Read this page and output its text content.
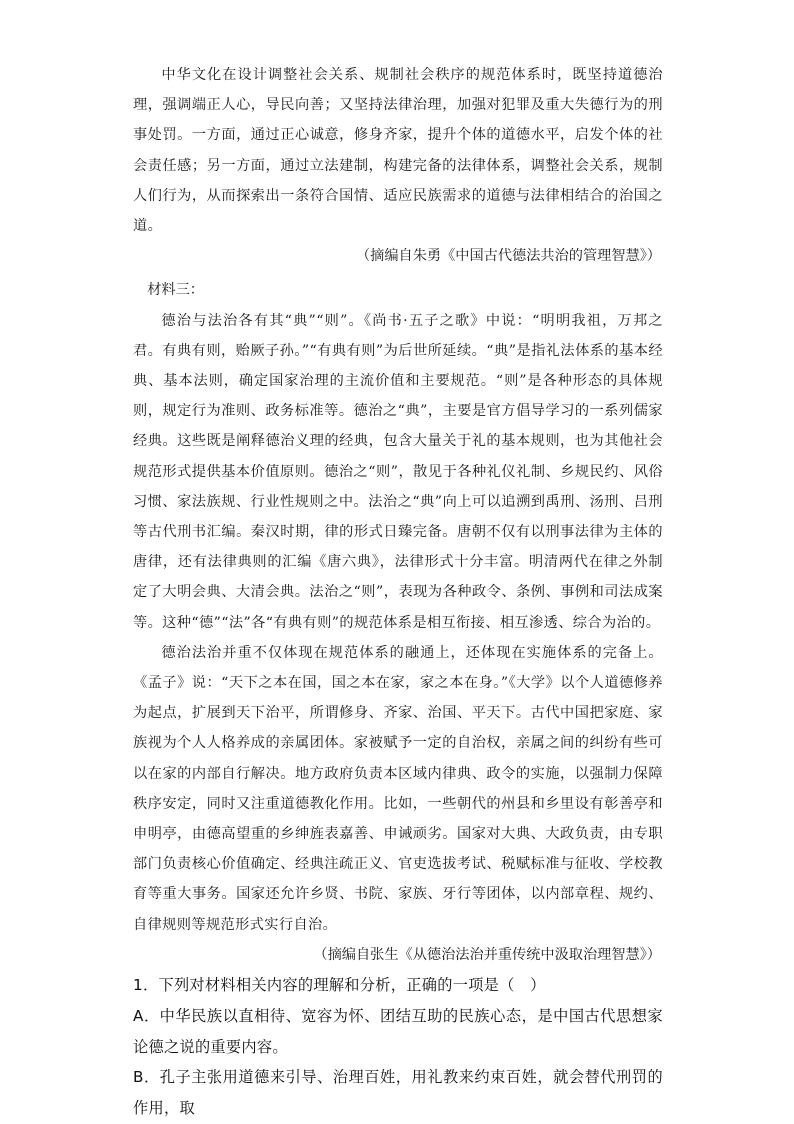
中华文化在设计调整社会关系、规制社会秩序的规范体系时，既坚持道德治理，强调端正人心，导民向善；又坚持法律治理，加强对犯罪及重大失德行为的刑事处罚。一方面，通过正心诚意，修身齐家，提升个体的道德水平，启发个体的社会责任感；另一方面，通过立法建制，构建完备的法律体系，调整社会关系，规制人们行为，从而探索出一条符合国情、适应民族需求的道德与法律相结合的治国之道。

（摘编自朱勇《中国古代德法共治的管理智慧》）

材料三：

德治与法治各有其“典”“则”。《尚书·五子之歌》中说：“明明我祖，万邦之君。有典有则，贻厥子孙。”“有典有则”为后世所延续。“典”是指礼法体系的基本经典、基本法则，确定国家治理的主流价值和主要规范。“则”是各种形态的具体规则，规定行为准则、政务标准等。德治之“典”，主要是官方倡导学习的一系列儒家经典。这些既是阐释德治义理的经典，包含大量关于礼的基本规则，也为其他社会规范形式提供基本价值原则。德治之“则”，散见于各种礼仪礼制、乡规民约、风俗习惯、家法族规、行业性规则之中。法治之“典”向上可以追溯到禹刑、汤刑、吕刑等古代刑书汇编。秦汉时期，律的形式日臻完备。唐朝不仅有以刑事法律为主体的唐律，还有法律典则的汇编《唐六典》，法律形式十分丰富。明清两代在律之外制定了大明会典、大清会典。法治之“则”，表现为各种政令、条例、事例和司法成案等。这种“德”“法”各“有典有则”的规范体系是相互衔接、相互渗透、综合为治的。

德治法治并重不仅体现在规范体系的融通上，还体现在实施体系的完备上。《孟子》说：“天下之本在国，国之本在家，家之本在身。”《大学》以个人道德修养为起点，扩展到天下治平，所谓修身、齐家、治国、平天下。古代中国把家庭、家族视为个人人格养成的亲属团体。家被赋予一定的自治权，亲属之间的纠纷有些可以在家的内部自行解决。地方政府负责本区域内律典、政令的实施，以强制力保障秩序安定，同时又注重道德教化作用。比如，一些朝代的州县和乡里设有彰善亭和申明亭，由德高望重的乡绅旌表嘉善、申诫顽劣。国家对大典、大政负责，由专职部门负责核心价值确定、经典注疏正义、官吏选拔考试、税赋标准与征收、学校教育等重大事务。国家还允许乡贤、书院、家族、牙行等团体，以内部章程、规约、自律规则等规范形式实行自治。

（摘编自张生《从德治法治并重传统中汲取治理智慧》）

1．下列对材料相关内容的理解和分析，正确的一项是（　）

A．中华民族以直相待、宽容为怀、团结互助的民族心态，是中国古代思想家论德之说的重要内容。

B．孔子主张用道德来引导、治理百姓，用礼教来约束百姓，就会替代刑罚的作用，取
